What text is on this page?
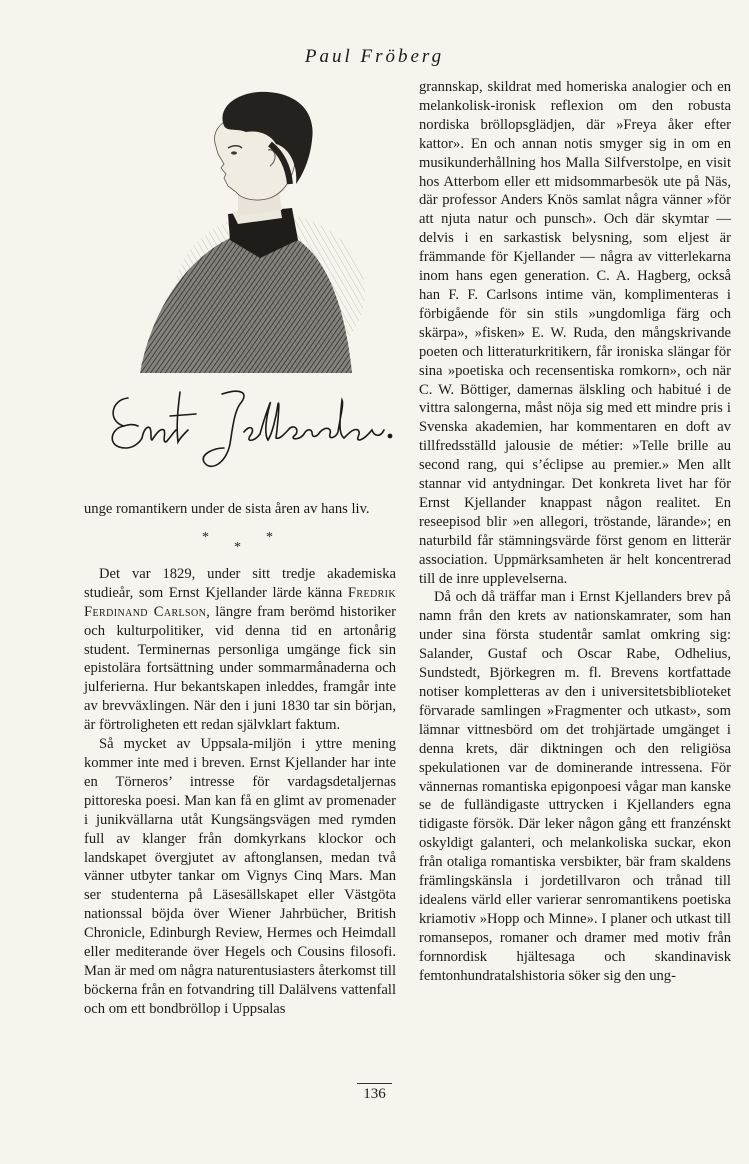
Paul Fröberg

unge romantikern under de sista åren av hans liv.

*
*
*

Det var 1829, under sitt tredje akademiska studieår, som Ernst Kjellander lärde känna Fredrik Ferdinand Carlson, längre fram berömd historiker och kulturpolitiker, vid denna tid en artonårig student. Terminernas personliga umgänge fick sin epistolära fortsättning under sommarmånaderna och julferierna. Hur bekantskapen inleddes, framgår inte av brevväxlingen. När den i juni 1830 tar sin början, är förtroligheten ett redan självklart faktum.

Så mycket av Uppsala-miljön i yttre mening kommer inte med i breven. Ernst Kjellander har inte en Törneros’ intresse för vardagsdetaljernas pittoreska poesi. Man kan få en glimt av promenader i junikvällarna utåt Kungsängsvägen med rymden full av klanger från domkyrkans klockor och landskapet övergjutet av aftonglansen, medan två vänner utbyter tankar om Vignys Cinq Mars. Man ser studenterna på Läsesällskapet eller Västgöta nationssal böjda över Wiener Jahrbücher, British Chronicle, Edinburgh Review, Hermes och Heimdall eller mediterande över Hegels och Cousins filosofi. Man är med om några naturentusiasters återkomst till böckerna från en fotvandring till Dalälvens vattenfall och om ett bondbröllop i Uppsalas

grannskap, skildrat med homeriska analogier och en melankolisk-ironisk reflexion om den robusta nordiska bröllopsglädjen, där »Freya åker efter kattor». En och annan notis smyger sig in om en musikunderhållning hos Malla Silfverstolpe, en visit hos Atterbom eller ett midsommarbesök ute på Näs, där professor Anders Knös samlat några vänner »för att njuta natur och punsch». Och där skymtar — delvis i en sarkastisk belysning, som eljest är främmande för Kjellander — några av vitterlekarna inom hans egen generation. C. A. Hagberg, också han F. F. Carlsons intime vän, komplimenteras i förbigående för sin stils »ungdomliga färg och skärpa», »fisken» E. W. Ruda, den mångskrivande poeten och litteraturkritikern, får ironiska slängar för sina »poetiska och recensentiska romkorn», och när C. W. Böttiger, damernas älskling och habitué i de vittra salongerna, måst nöja sig med ett mindre pris i Svenska akademien, har kommentaren en doft av tillfredsställd jalousie de métier: »Telle brille au second rang, qui s’éclipse au premier.» Men allt stannar vid antydningar. Det konkreta livet har för Ernst Kjellander knappast någon realitet. En reseepisod blir »en allegori, tröstande, lärande»; en naturbild får stämningsvärde först genom en litterär association. Uppmärksamheten är helt koncentrerad till de inre upplevelserna.

Då och då träffar man i Ernst Kjellanders brev på namn från den krets av nationskamrater, som han under sina första studentår samlat omkring sig: Salander, Gustaf och Oscar Rabe, Odhelius, Sundstedt, Björkegren m. fl. Brevens kortfattade notiser kompletteras av den i universitetsbiblioteket förvarade samlingen »Fragmenter och utkast», som lämnar vittnesbörd om det trohjärtade umgänget i denna krets, där diktningen och den religiösa spekulationen var de dominerande intressena. För vännernas romantiska epigonpoesi vågar man kanske se de fulländigaste uttrycken i Kjellanders egna tidigaste försök. Där leker någon gång ett franzénskt oskyldigt galanteri, och melankoliska suckar, ekon från otaliga romantiska versbikter, bär fram skaldens främlingskänsla i jordetillvaron och trånad till idealens värld eller varierar senromantikens poetiska kriamotiv »Hopp och Minne». I planer och utkast till romansepos, romaner och dramer med motiv från fornnordisk hjältesaga och skandinavisk femtonhundratalshistoria söker sig den ung-

136
